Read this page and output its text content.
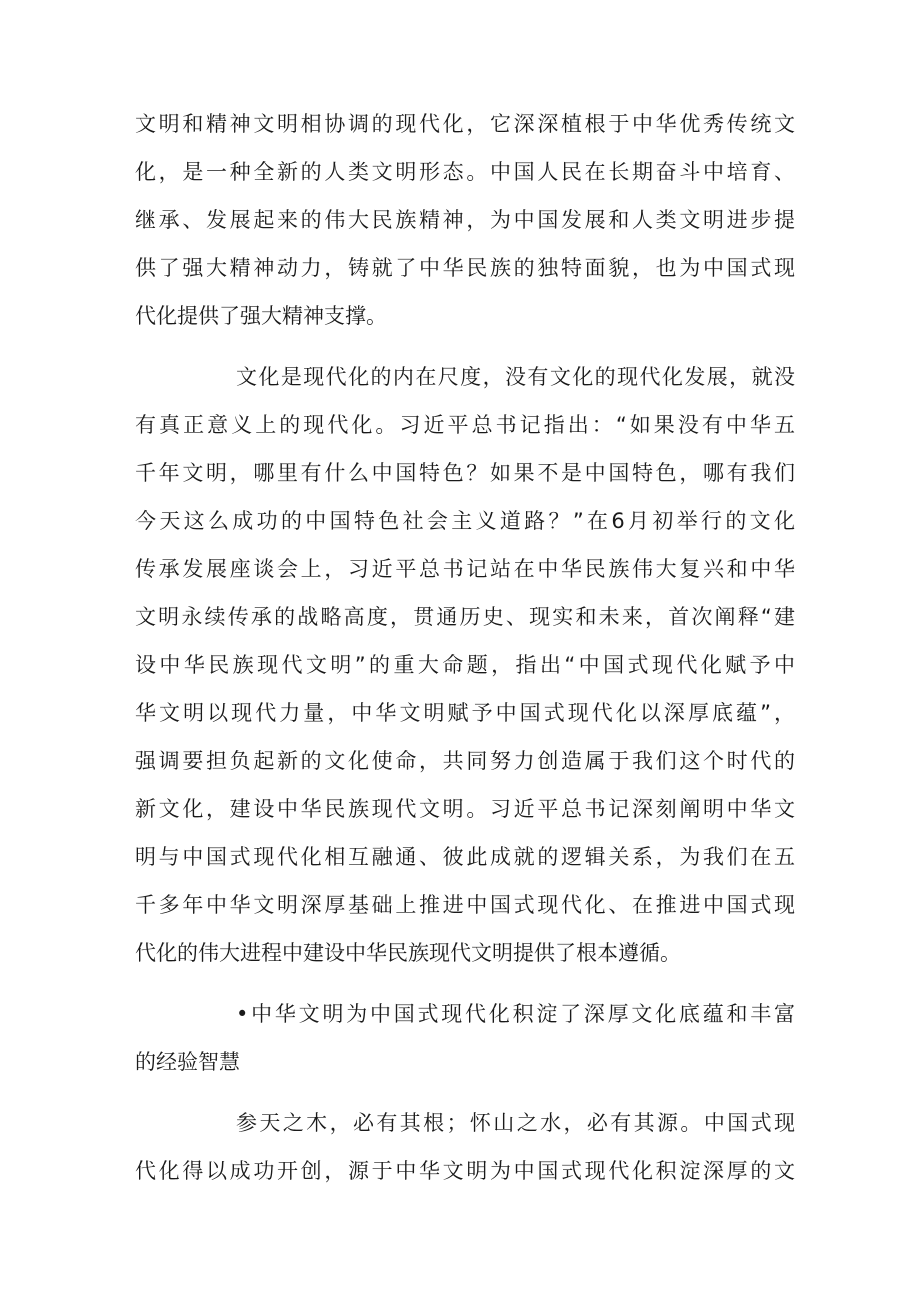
文明和精神文明相协调的现代化，它深深植根于中华优秀传统文
化，是一种全新的人类文明形态。中国人民在长期奋斗中培育、
继承、发展起来的伟大民族精神，为中国发展和人类文明进步提
供了强大精神动力，铸就了中华民族的独特面貌，也为中国式现
代化提供了强大精神支撑。
文化是现代化的内在尺度，没有文化的现代化发展，就没
有真正意义上的现代化。习近平总书记指出：“如果没有中华五
千年文明，哪里有什么中国特色？如果不是中国特色，哪有我们
今天这么成功的中国特色社会主义道路？”在6月初举行的文化
传承发展座谈会上，习近平总书记站在中华民族伟大复兴和中华
文明永续传承的战略高度，贯通历史、现实和未来，首次阐释“建
设中华民族现代文明”的重大命题，指出“中国式现代化赋予中
华文明以现代力量，中华文明赋予中国式现代化以深厚底蕴”，
强调要担负起新的文化使命，共同努力创造属于我们这个时代的
新文化，建设中华民族现代文明。习近平总书记深刻阐明中华文
明与中国式现代化相互融通、彼此成就的逻辑关系，为我们在五
千多年中华文明深厚基础上推进中国式现代化、在推进中国式现
代化的伟大进程中建设中华民族现代文明提供了根本遵循。
•中华文明为中国式现代化积淀了深厚文化底蕴和丰富
的经验智慧
参天之木，必有其根；怀山之水，必有其源。中国式现
代化得以成功开创，源于中华文明为中国式现代化积淀深厚的文
